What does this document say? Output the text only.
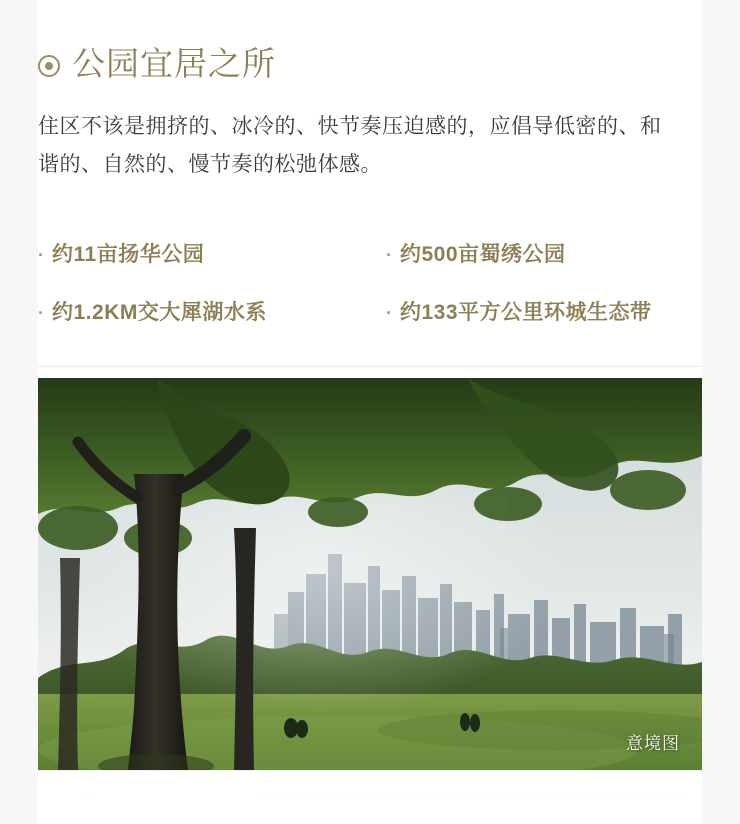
公园宜居之所

住区不该是拥挤的、冰冷的、快节奏压迫感的，应倡导低密的、和谐的、自然的、慢节奏的松弛体感。

· 约11亩扬华公园	· 约500亩蜀绣公园
· 约1.2KM交大犀湖水系	· 约133平方公里环城生态带
意境图
